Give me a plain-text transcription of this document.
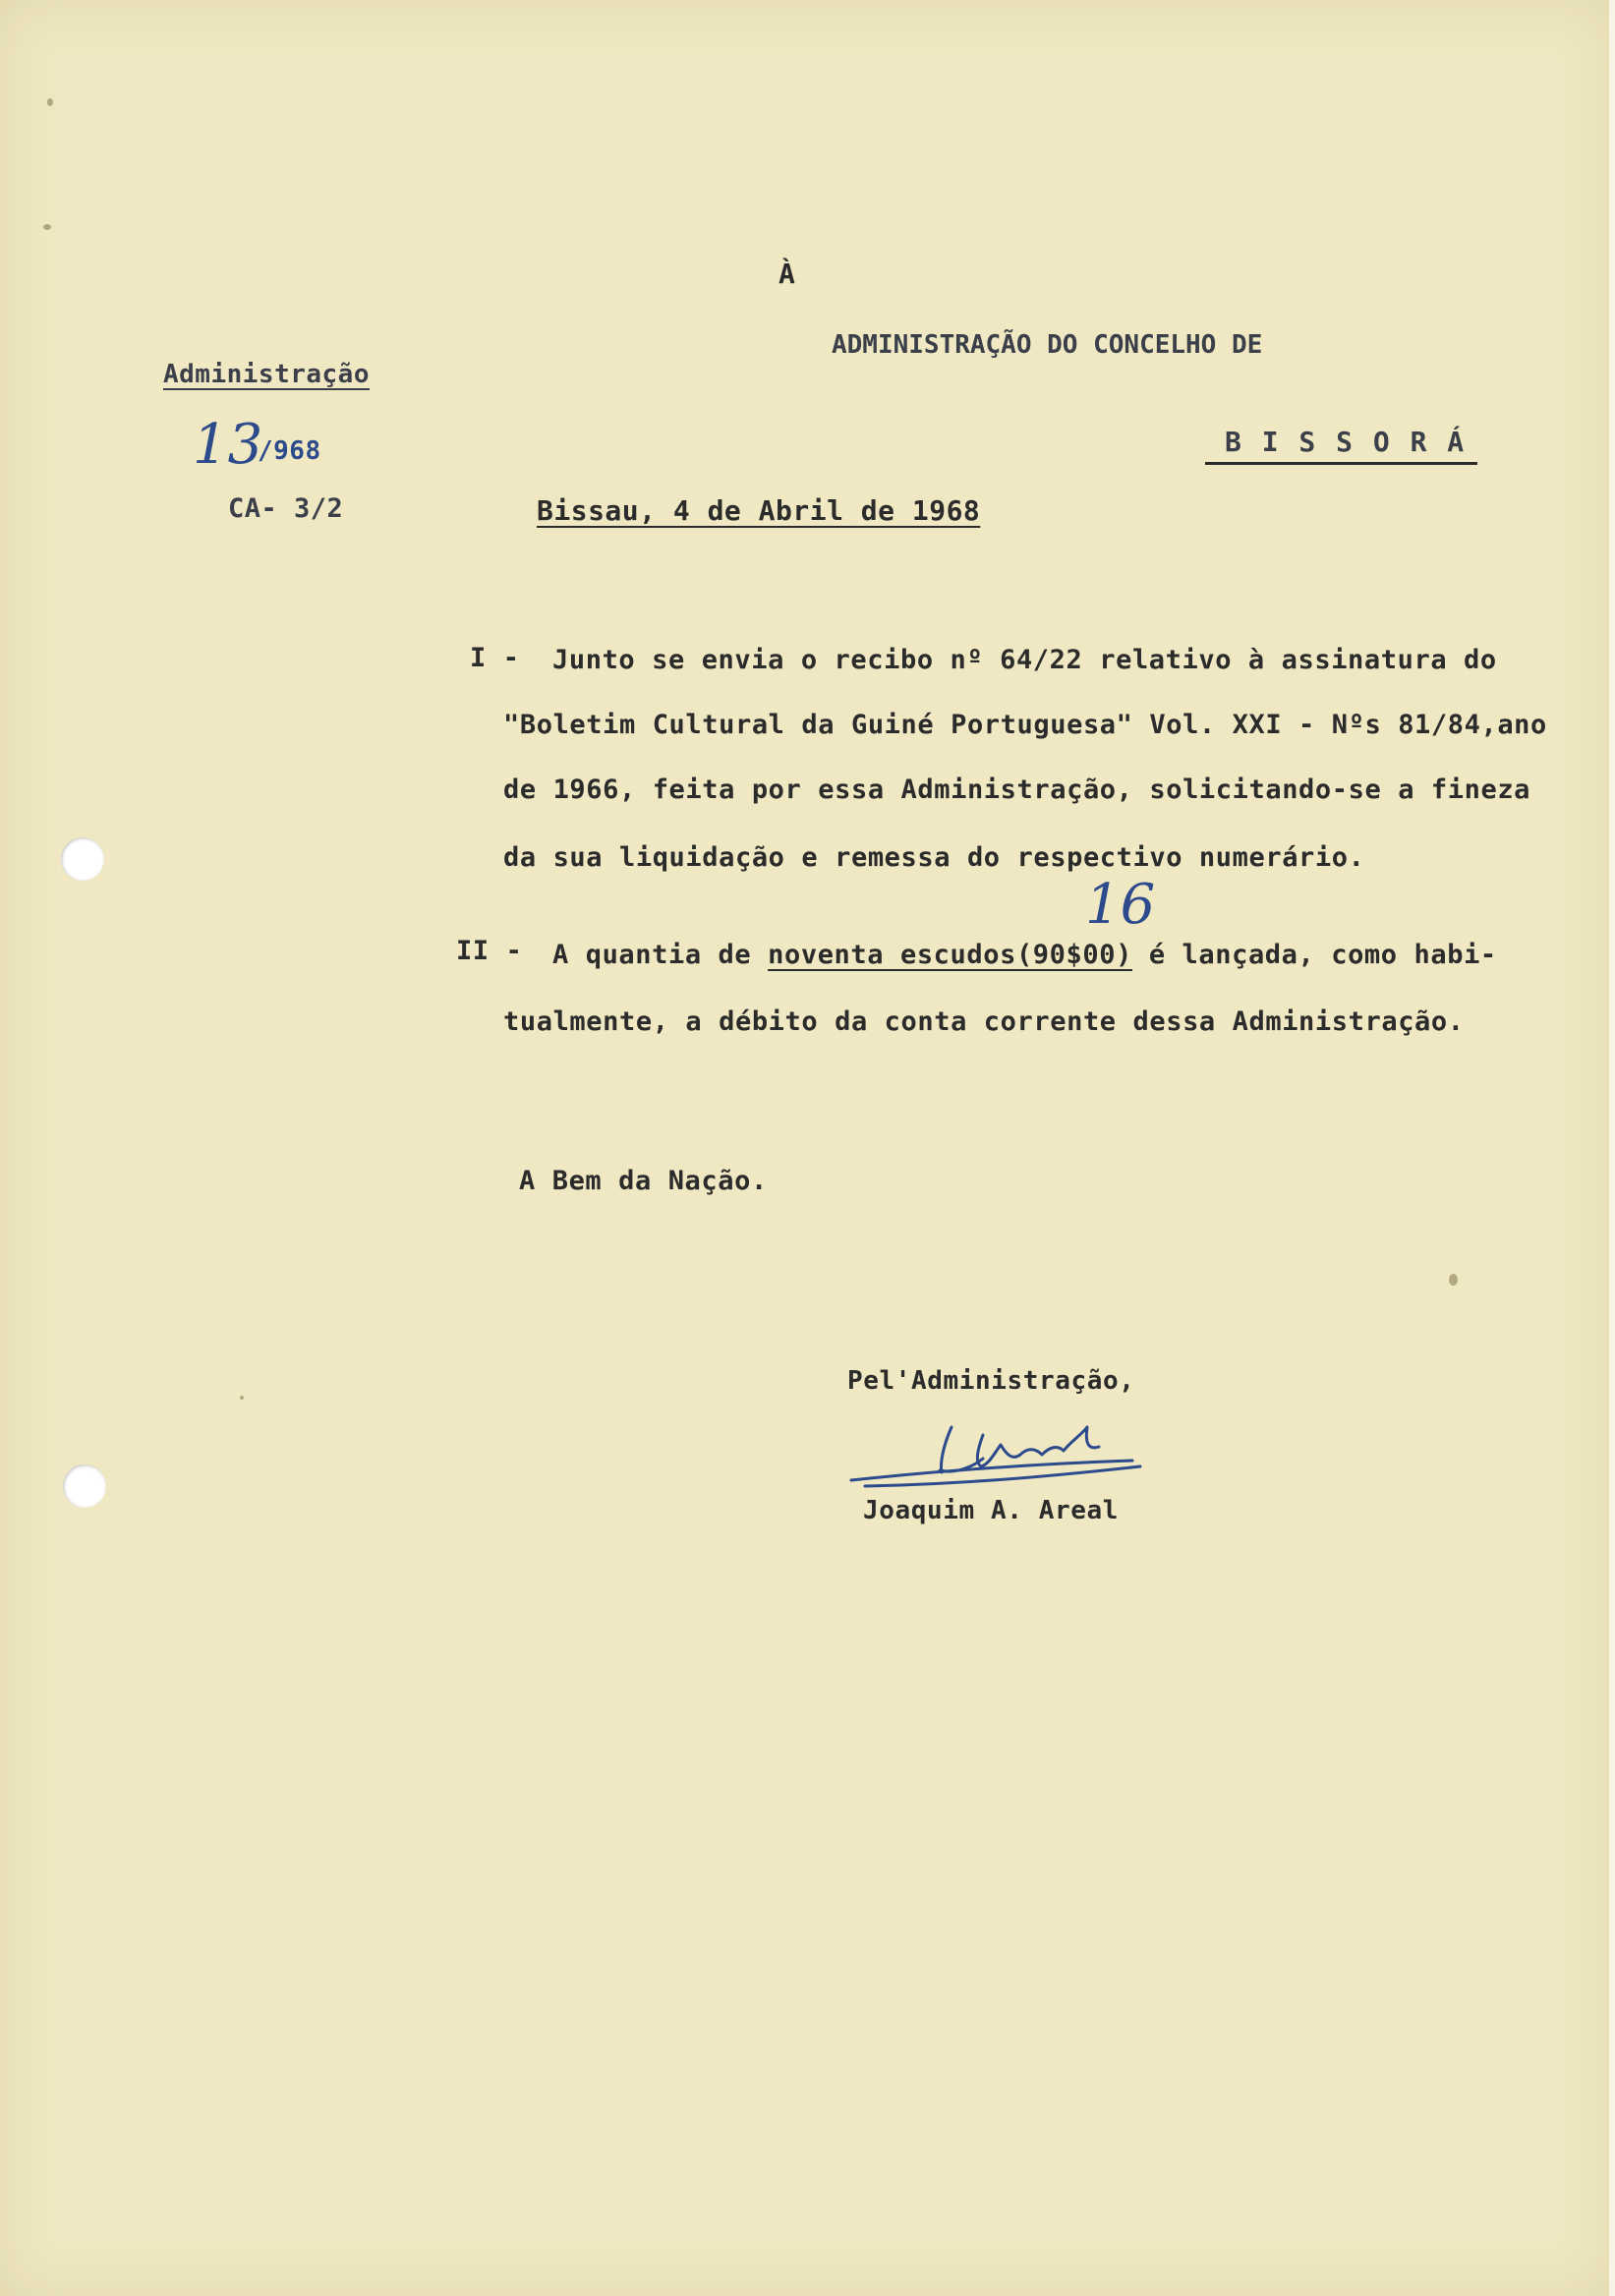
À
ADMINISTRAÇÃO DO CONCELHO DE
B I S S O R Á
Administração
13
/968
CA- 3/2	Bissau, 4 de Abril de 1968
I - Junto se envia o recibo nº 64/22 relativo à assinatura do
"Boletim Cultural da Guiné Portuguesa" Vol. XXI - Nºs 81/84,ano
de 1966, feita por essa Administração, solicitando-se a fineza
da sua liquidação e remessa do respectivo numerário.
II - A quantia de noventa escudos(90$00) é lançada, como habi-
tualmente, a débito da conta corrente dessa Administração.
16
A Bem da Nação.
Pel'Administração,
Joaquim A. Areal
